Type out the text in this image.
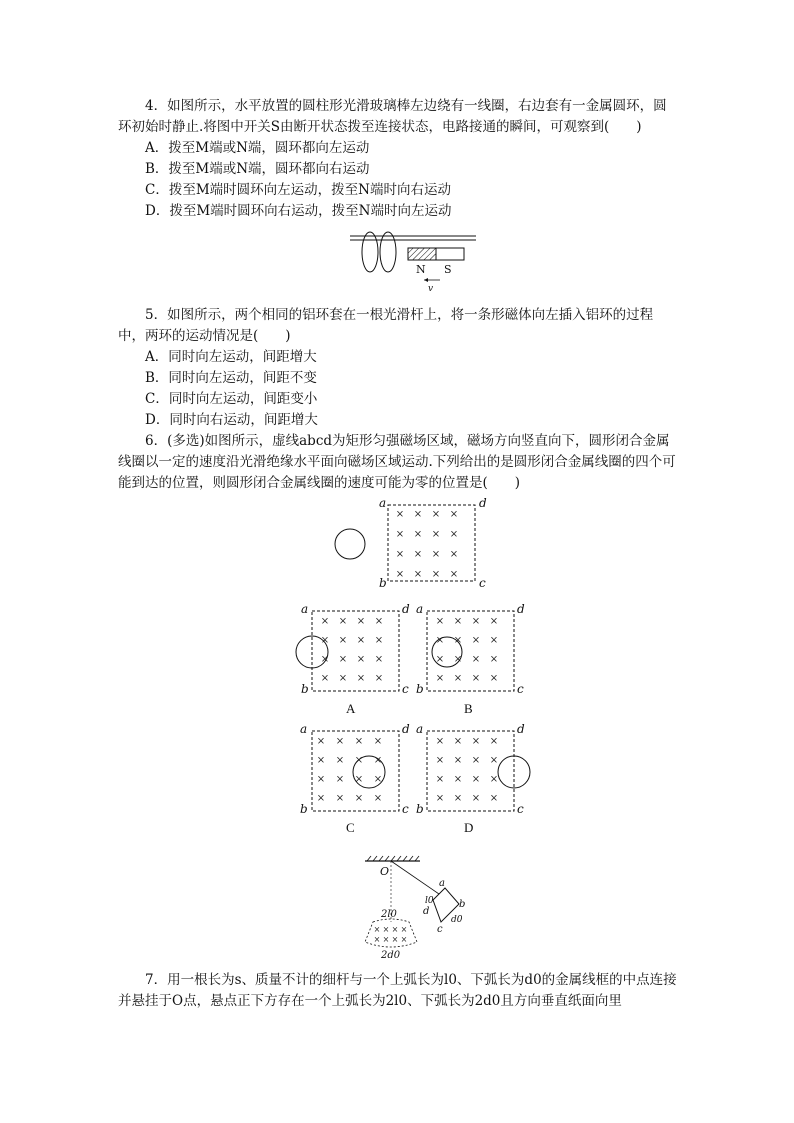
4．如图所示，水平放置的圆柱形光滑玻璃棒左边绕有一线圈，右边套有一金属圆环，圆环初始时静止.将图中开关S由断开状态拨至连接状态，电路接通的瞬间，可观察到(　　)

A．拨至M端或N端，圆环都向左运动

B．拨至M端或N端，圆环都向右运动

C．拨至M端时圆环向左运动，拨至N端时向右运动

D．拨至M端时圆环向右运动，拨至N端时向左运动

N S
v

5．如图所示，两个相同的铝环套在一根光滑杆上，将一条形磁体向左插入铝环的过程中，两环的运动情况是(　　)

A．同时向左运动，间距增大

B．同时向左运动，间距不变

C．同时向左运动，间距变小

D．同时向右运动，间距增大

6．(多选)如图所示，虚线abcd为矩形匀强磁场区域，磁场方向竖直向下，圆形闭合金属线圈以一定的速度沿光滑绝缘水平面向磁场区域运动.下列给出的是圆形闭合金属线圈的四个可能到达的位置，则圆形闭合金属线圈的速度可能为零的位置是(　　)

× × × ×
× × × ×
× × × ×
× × × ×
a
b	c
d
× × × ×
× × × ×
× × × ×
× × × ×
a
b	c
d
A
× × × ×
× × × ×
× × × ×
× × × ×
a
b	c
d
B
× × × ×
× × × ×
× × × ×
× × × ×
a
b	c
d
C
× × × ×
× × × ×
× × × ×
× × × ×
a
b	c
d
D
O
a
b
c
d
l0
d0
2l0
× × × ×
× × × ×
2d0

7．用一根长为s、质量不计的细杆与一个上弧长为l0、下弧长为d0的金属线框的中点连接并悬挂于O点，悬点正下方存在一个上弧长为2l0、下弧长为2d0且方向垂直纸面向里
